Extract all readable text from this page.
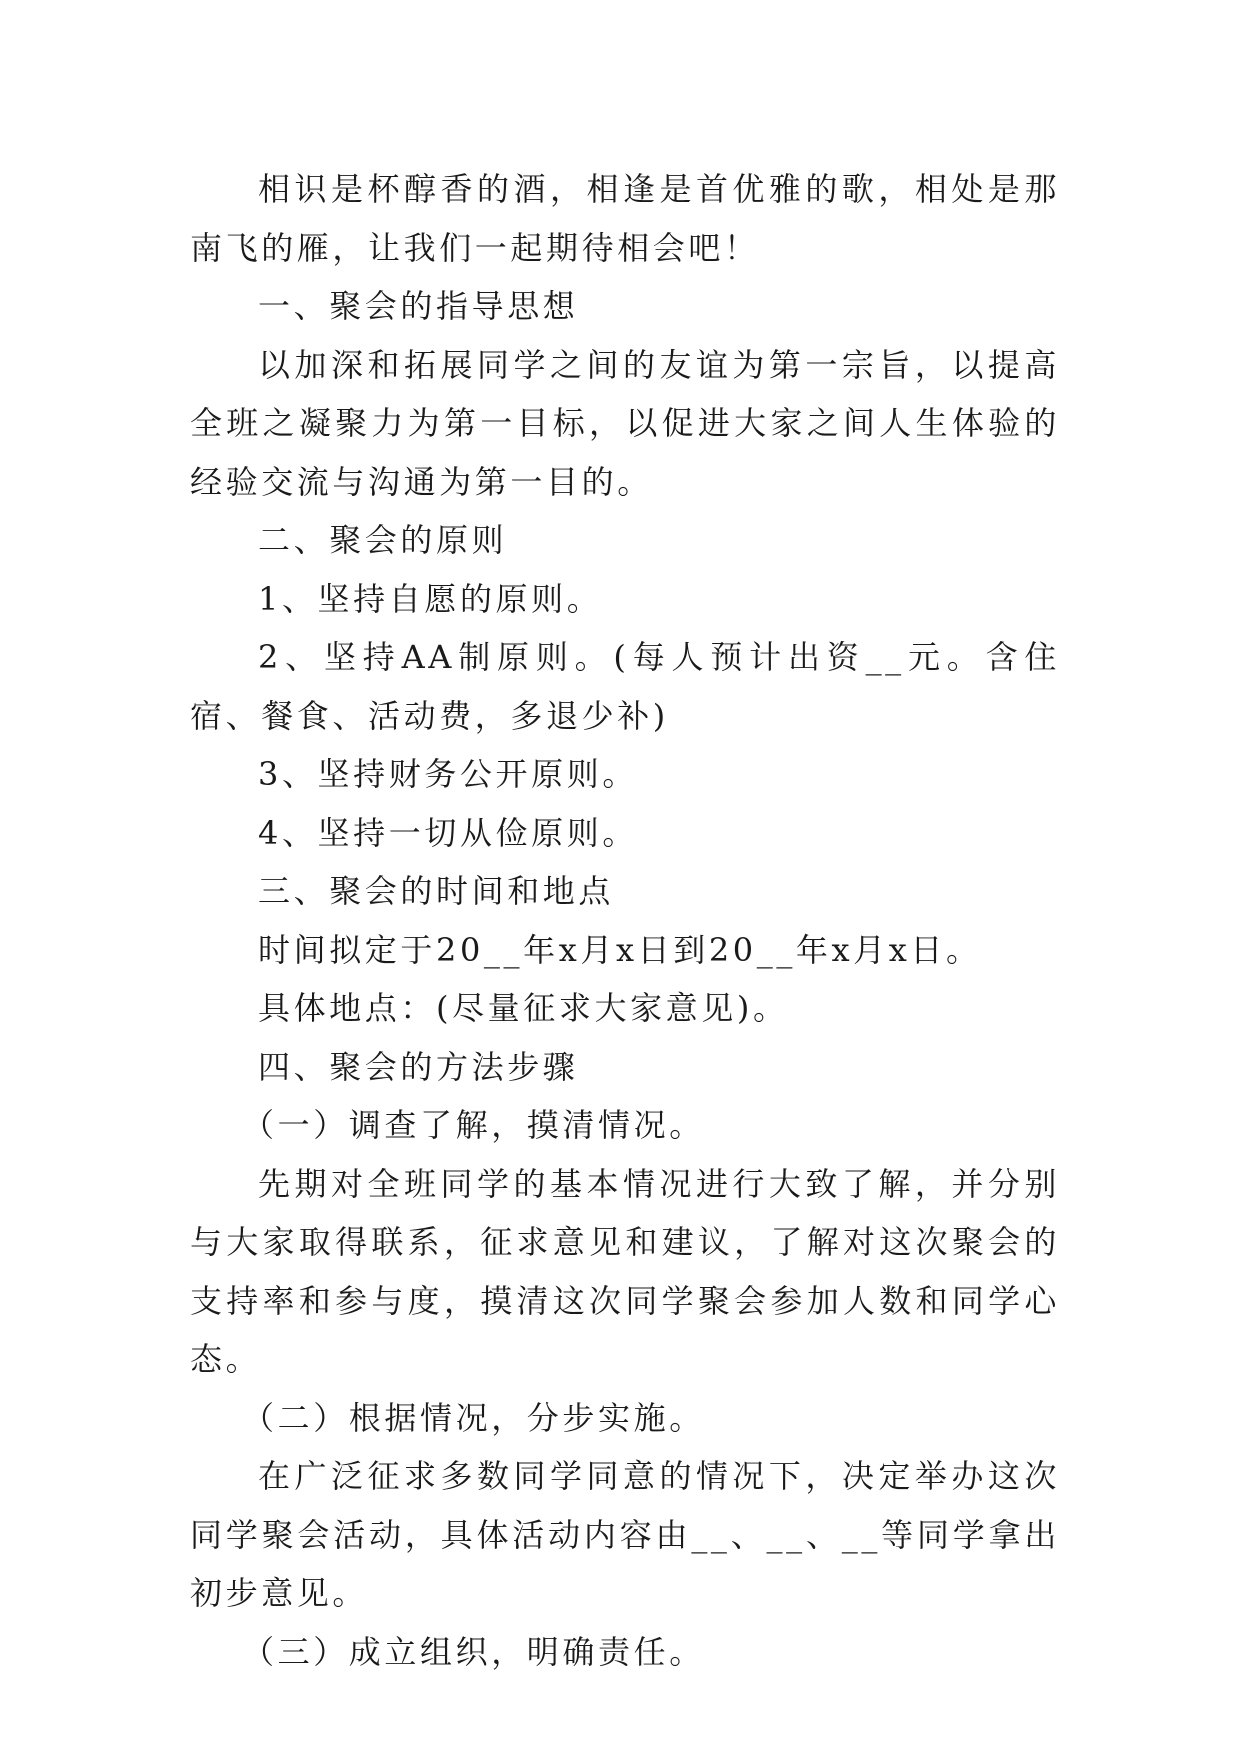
相识是杯醇香的酒，相逢是首优雅的歌，相处是那南飞的雁，让我们一起期待相会吧！

一、聚会的指导思想

以加深和拓展同学之间的友谊为第一宗旨，以提高全班之凝聚力为第一目标，以促进大家之间人生体验的经验交流与沟通为第一目的。

二、聚会的原则

1、坚持自愿的原则。

2、坚持AA制原则。(每人预计出资__元。含住宿、餐食、活动费，多退少补)

3、坚持财务公开原则。

4、坚持一切从俭原则。

三、聚会的时间和地点

时间拟定于20__年x月x日到20__年x月x日。

具体地点：(尽量征求大家意见)。

四、聚会的方法步骤

（一）调查了解，摸清情况。

先期对全班同学的基本情况进行大致了解，并分别与大家取得联系，征求意见和建议，了解对这次聚会的支持率和参与度，摸清这次同学聚会参加人数和同学心态。

（二）根据情况，分步实施。

在广泛征求多数同学同意的情况下，决定举办这次同学聚会活动，具体活动内容由__、__、__等同学拿出初步意见。

（三）成立组织，明确责任。
